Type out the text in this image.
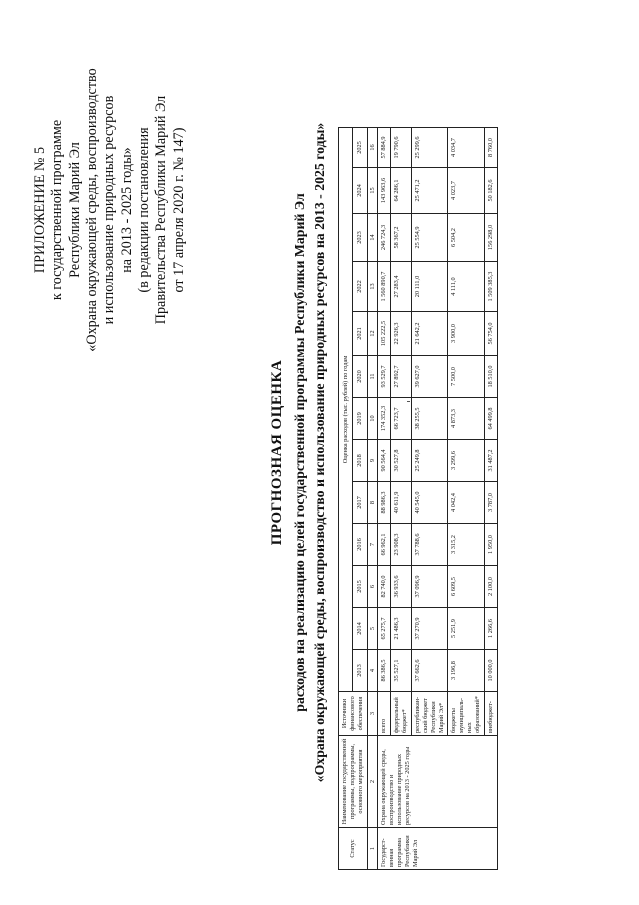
ПРИЛОЖЕНИЕ № 5 к государственной программе Республики Марий Эл «Охрана окружающей среды, воспроизводство и использование природных ресурсов на 2013 - 2025 годы» (в редакции постановления Правительства Республики Марий Эл от 17 апреля 2020 г. № 147)
ПРОГНОЗНАЯ ОЦЕНКА расходов на реализацию целей государственной программы Республики Марий Эл «Охрана окружающей среды, воспроизводство и использование природных ресурсов на 2013 - 2025 годы»
Статус	Наименование государственной программы, подпрограммы, основного мероприятия	Источники финансового обеспечения	Оценка расходов (тыс. рублей) по годам												
			2013	2014	2015	2016	2017	2018	2019	2020	2021	2022	2023	2024	2025
1	2	3	4	5	6	7	8	9	10	11	12	13	14	15	16
Государст-венная программа Республики Марий Эл	Охрана окружающей среды, воспроизводство и использование природных ресурсов на 2013 - 2025 годы	всего	86 386,5	65 275,7	82 740,0	66 962,1	88 986,3	90 564,4	174 352,3	93 529,7	105 222,5	1 560 890,7	246 724,3	143 963,6	57 884,9
		федеральный бюджет*	35 527,1	21 486,3	36 933,6	23 908,3	40 611,9	30 527,8	66 723,7	27 892,7	22 926,3	27 283,4	58 367,2	64 286,1	19 790,6
		республикан-ский бюджет Республики Марий Эл*	37 662,6	37 270,9	37 096,9	37 788,6	40 545,0	25 249,8	38 255,5	39 627,0	21 642,2	20 111,0	25 554,9	25 471,2	25 299,6
		бюджеты муниципаль-ных образований*	3 196,8	5 251,9	6 609,5	3 315,2	4 042,4	3 299,6	4 873,3	7 500,0	3 900,0	4 111,0	6 504,2	4 023,7	4 034,7
		внебюджет-	10 000,0	1 266,6	2 100,0	1 950,0	3 787,0	31 487,2	64 499,8	18 510,0	56 754,0	1 509 385,3	156 298,0	50 182,6	8 760,0
